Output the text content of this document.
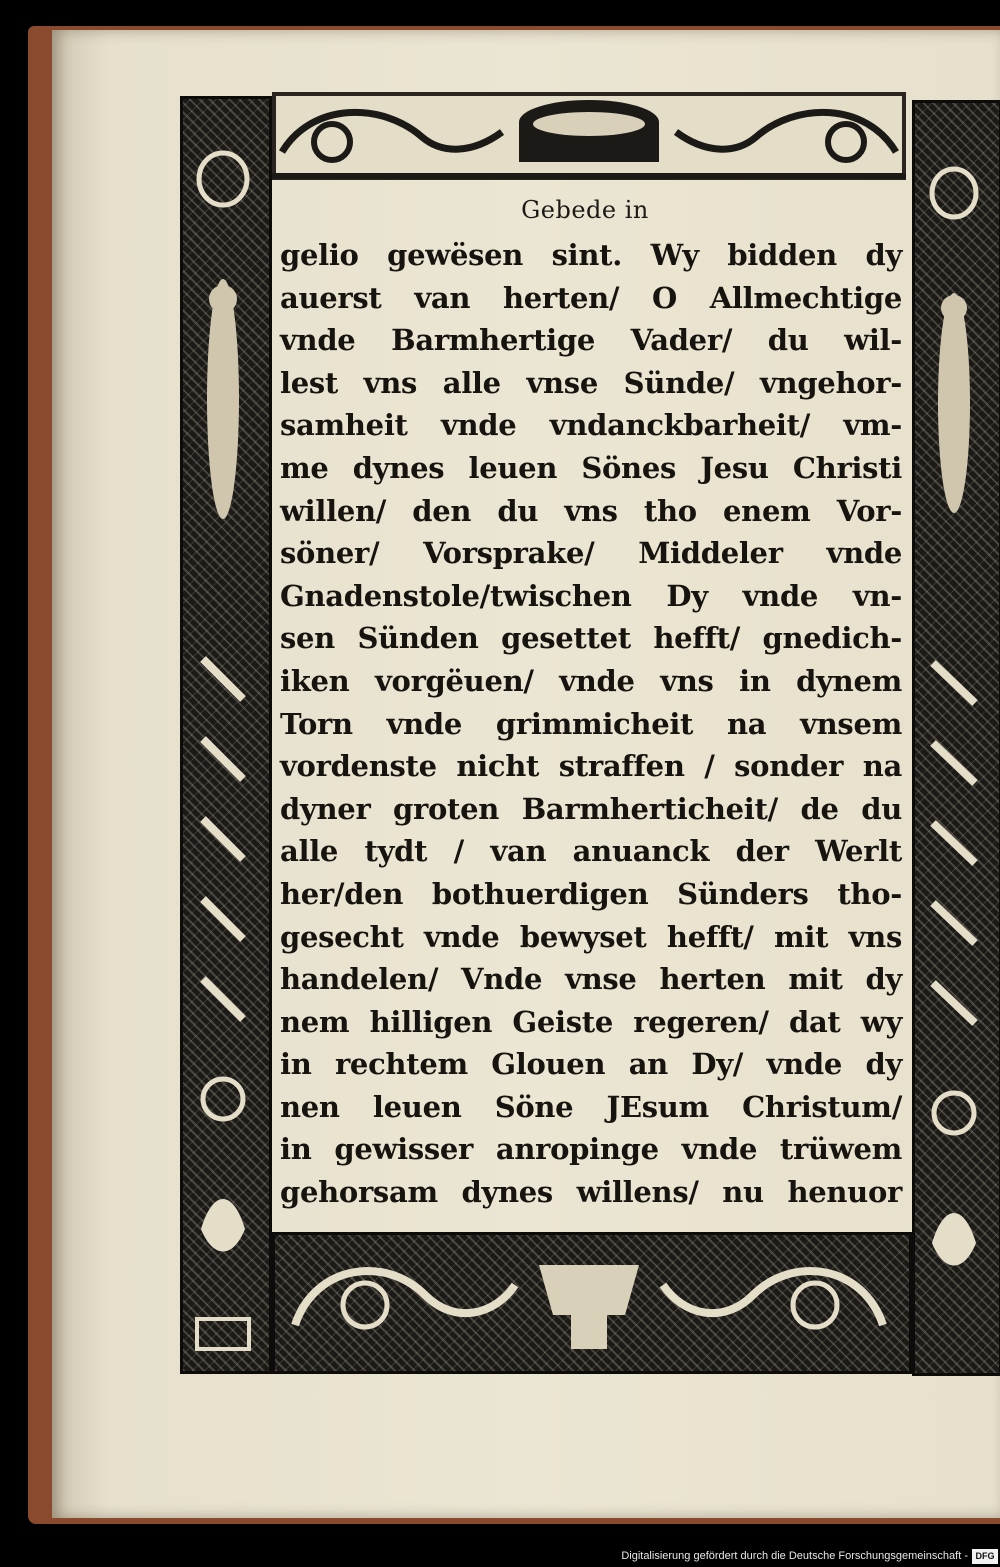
Gebede in
gelio gewe͏̈sen sint. Wy bidden dy
auerst van herten/ O Allmechtige
vnde Barmhertige Vader/ du wil-
lest vns alle vnse Sünde/ vngehor-
samheit vnde vndanckbarheit/ vm-
me dynes leuen Sönes Jesu Christi
willen/ den du vns tho enem Vor-
söner/ Vorsprake/ Middeler vnde
Gnadenstole/twischen Dy vnde vn-
sen Sünden gesettet hefft/ gnedich-
iken vorgëuen/ vnde vns in dynem
Torn vnde grimmicheit na vnsem
vordenste nicht straffen / sonder na
dyner groten Barmherticheit/ de du
alle tydt / van anuanck der Werlt
her/den bothuerdigen Sünders tho-
gesecht vnde bewyset hefft/ mit vns
handelen/ Vnde vnse herten mit dy
nem hilligen Geiste regeren/ dat wy
in rechtem Glouen an Dy/ vnde dy
nen leuen Söne JEsum Christum/
in gewisser anropinge vnde trüwem
gehorsam dynes willens/ nu henuor
Digitalisierung gefördert durch die Deutsche Forschungsgemeinschaft - DFG
